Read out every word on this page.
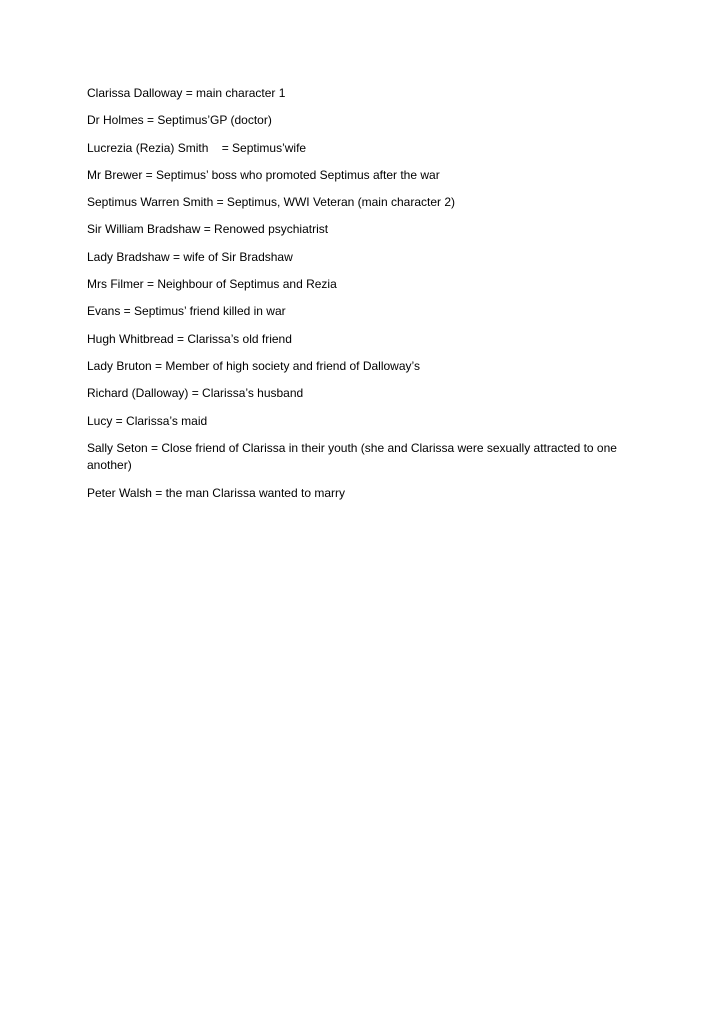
Clarissa Dalloway = main character 1

Dr Holmes = Septimus’GP (doctor)

Lucrezia (Rezia) Smith    = Septimus’wife

Mr Brewer = Septimus’ boss who promoted Septimus after the war

Septimus Warren Smith = Septimus, WWI Veteran (main character 2)

Sir William Bradshaw = Renowed psychiatrist

Lady Bradshaw = wife of Sir Bradshaw

Mrs Filmer = Neighbour of Septimus and Rezia

Evans = Septimus’ friend killed in war

Hugh Whitbread = Clarissa’s old friend

Lady Bruton = Member of high society and friend of Dalloway’s

Richard (Dalloway) = Clarissa’s husband

Lucy = Clarissa’s maid

Sally Seton = Close friend of Clarissa in their youth (she and Clarissa were sexually attracted to one another)

Peter Walsh = the man Clarissa wanted to marry
